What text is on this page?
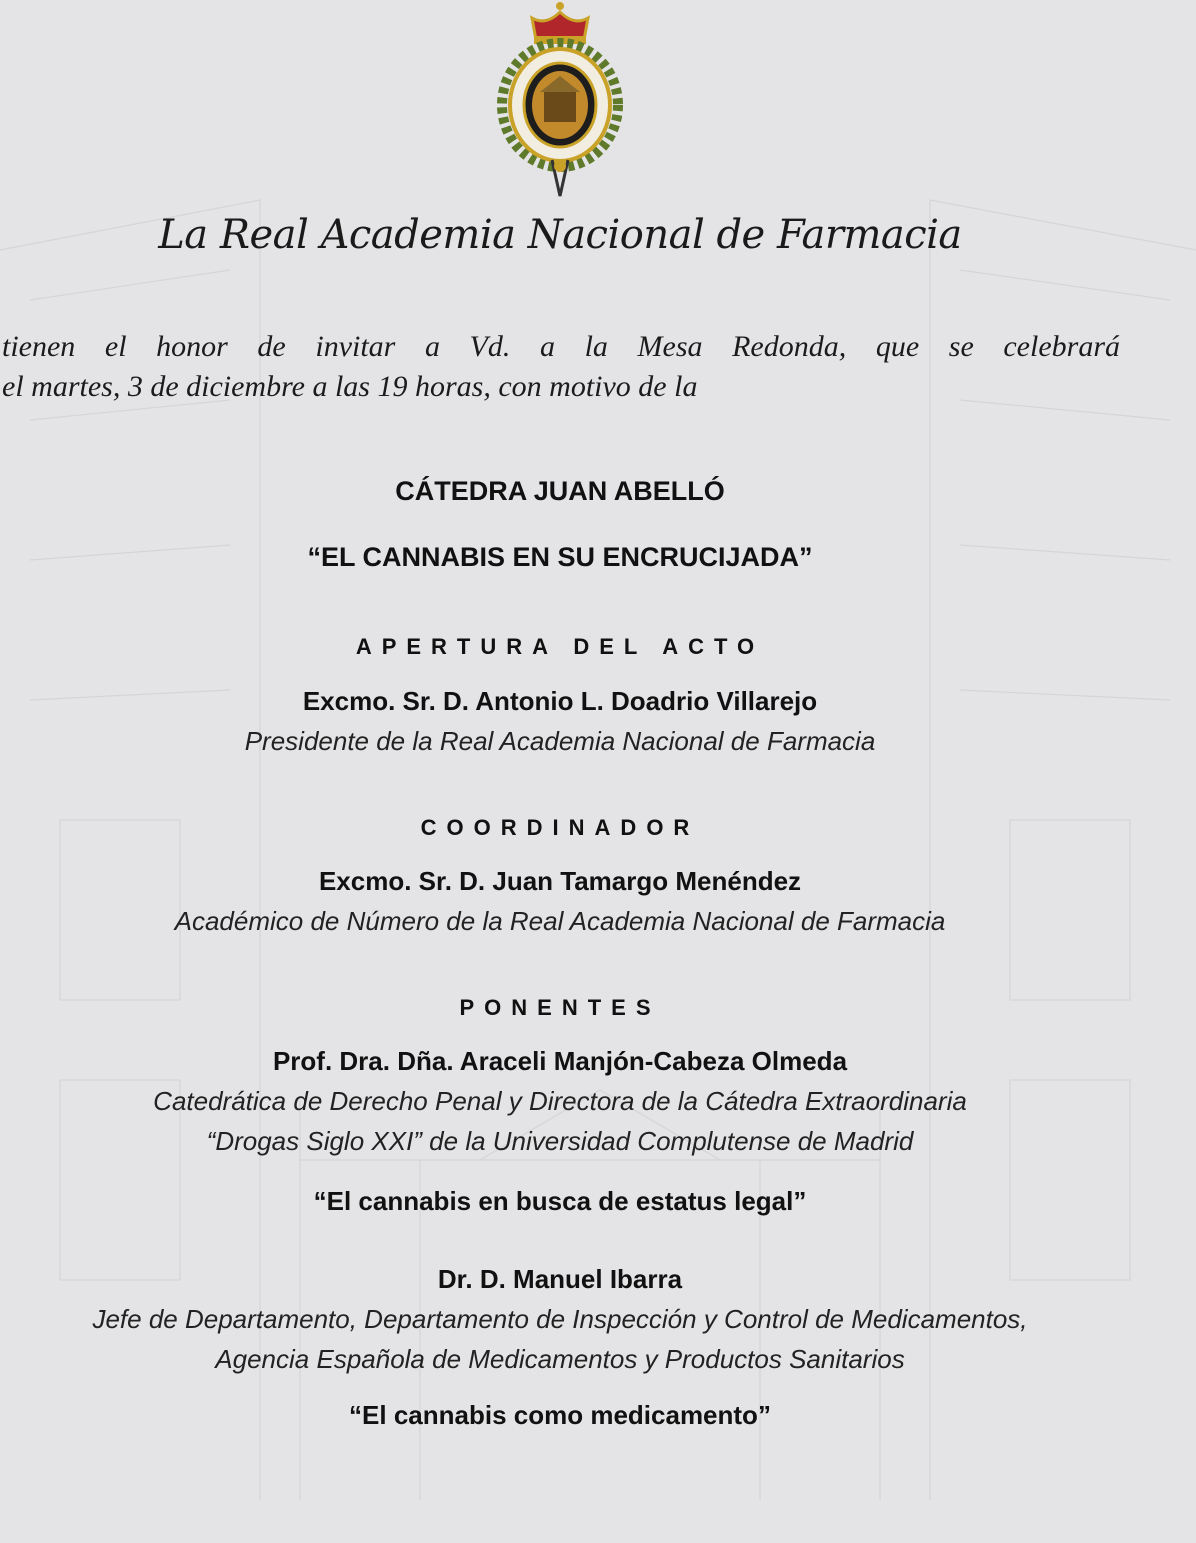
La Real Academia Nacional de Farmacia

tienen el honor de invitar a Vd. a la Mesa Redonda, que se celebrará

el martes, 3 de diciembre a las 19 horas, con motivo de la

CÁTEDRA JUAN ABELLÓ

“EL CANNABIS EN SU ENCRUCIJADA”

APERTURA DEL ACTO

Excmo. Sr. D. Antonio L. Doadrio Villarejo

Presidente de la Real Academia Nacional de Farmacia

COORDINADOR

Excmo. Sr. D. Juan Tamargo Menéndez

Académico de Número de la Real Academia Nacional de Farmacia

PONENTES

Prof. Dra. Dña. Araceli Manjón-Cabeza Olmeda

Catedrática de Derecho Penal y Directora de la Cátedra Extraordinaria

“Drogas Siglo XXI” de la Universidad Complutense de Madrid

“El cannabis en busca de estatus legal”

Dr. D. Manuel Ibarra

Jefe de Departamento, Departamento de Inspección y Control de Medicamentos,

Agencia Española de Medicamentos y Productos Sanitarios

“El cannabis como medicamento”
